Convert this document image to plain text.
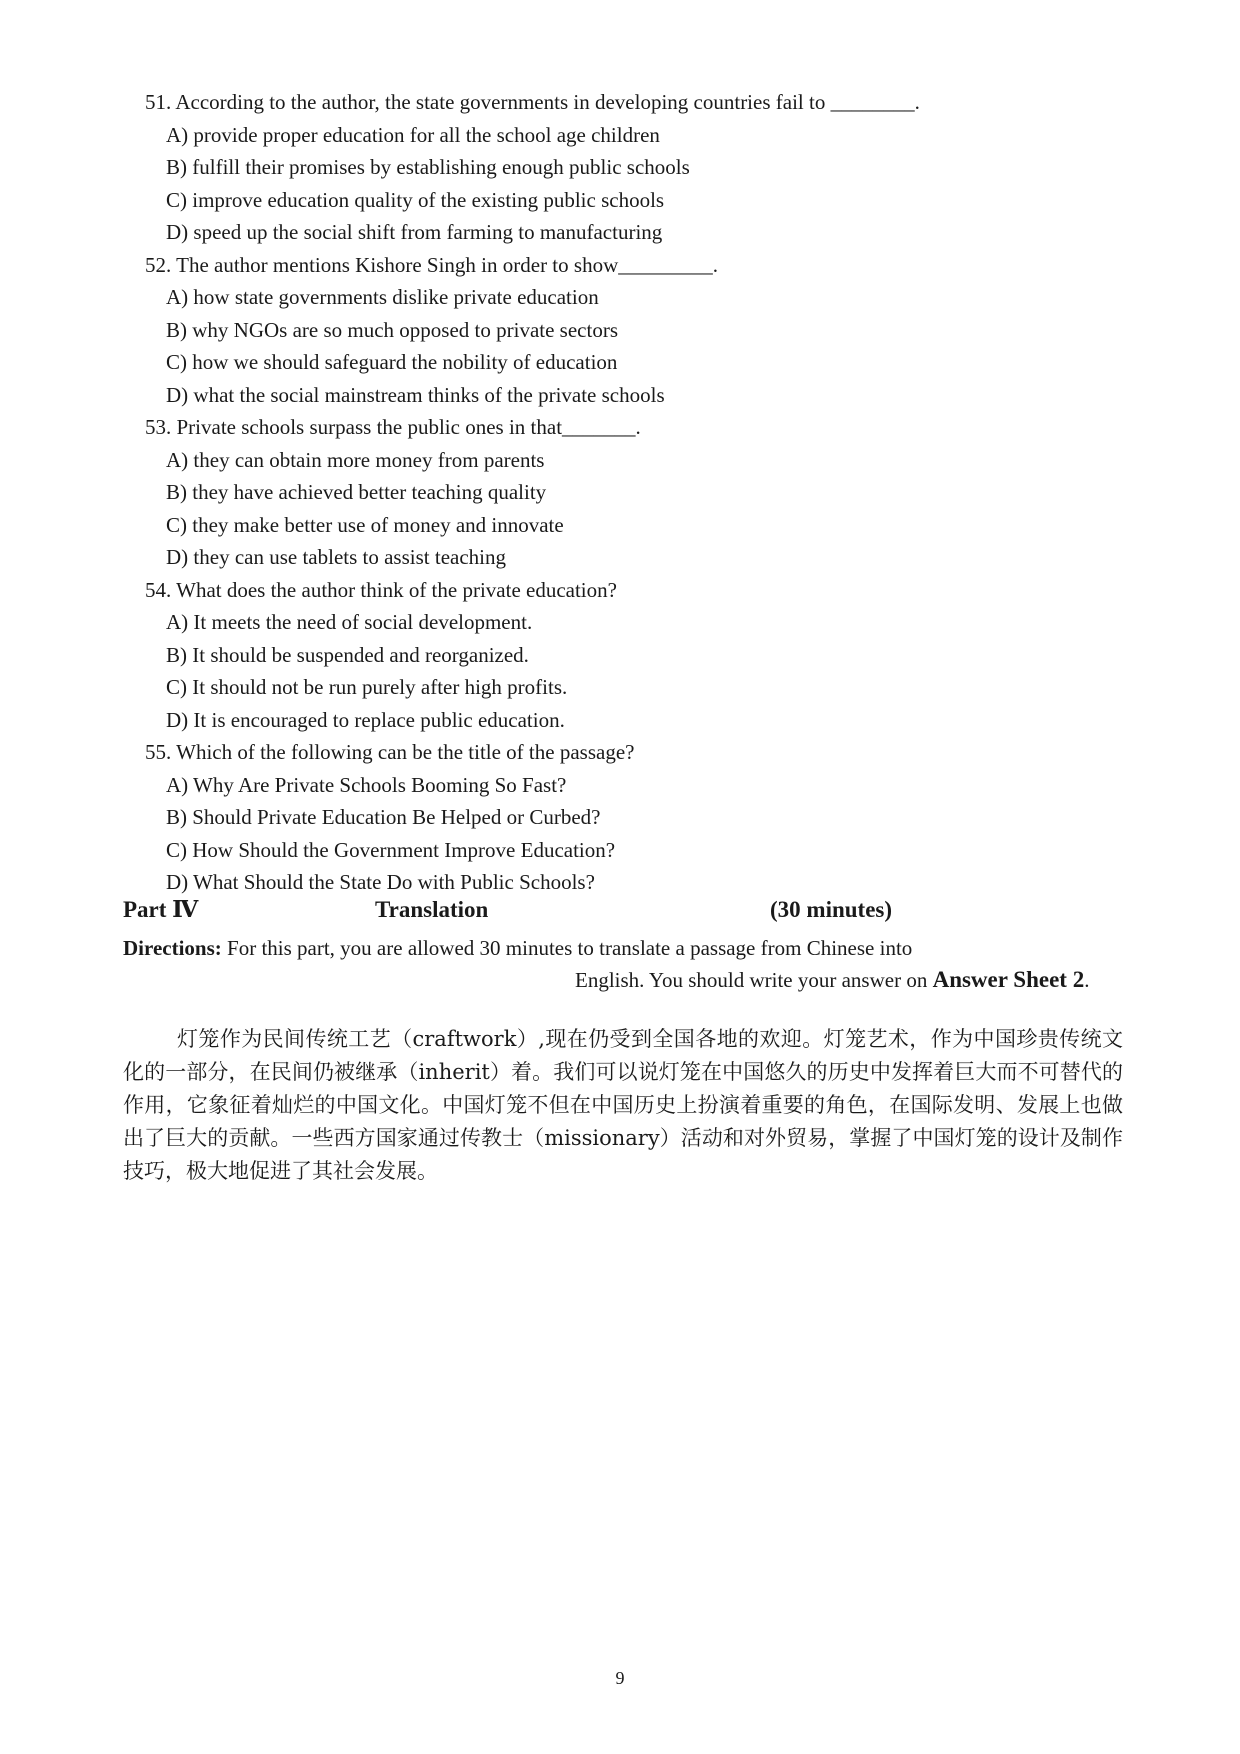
51. According to the author, the state governments in developing countries fail to ________.
A) provide proper education for all the school age children
B) fulfill their promises by establishing enough public schools
C) improve education quality of the existing public schools
D) speed up the social shift from farming to manufacturing
52. The author mentions Kishore Singh in order to show_________.
A) how state governments dislike private education
B) why NGOs are so much opposed to private sectors
C) how we should safeguard the nobility of education
D) what the social mainstream thinks of the private schools
53. Private schools surpass the public ones in that_______.
A) they can obtain more money from parents
B) they have achieved better teaching quality
C) they make better use of money and innovate
D) they can use tablets to assist teaching
54. What does the author think of the private education?
A) It meets the need of social development.
B) It should be suspended and reorganized.
C) It should not be run purely after high profits.
D) It is encouraged to replace public education.
55. Which of the following can be the title of the passage?
A) Why Are Private Schools Booming So Fast?
B) Should Private Education Be Helped or Curbed?
C) How Should the Government Improve Education?
D) What Should the State Do with Public Schools?
Part Ⅳ	Translation	(30 minutes)
Directions: For this part, you are allowed 30 minutes to translate a passage from Chinese into
English. You should write your answer on Answer Sheet 2.
灯笼作为民间传统工艺（craftwork）,现在仍受到全国各地的欢迎。灯笼艺术，作为中国珍贵传统文化的一部分，在民间仍被继承（inherit）着。我们可以说灯笼在中国悠久的历史中发挥着巨大而不可替代的作用，它象征着灿烂的中国文化。中国灯笼不但在中国历史上扮演着重要的角色，在国际发明、发展上也做出了巨大的贡献。一些西方国家通过传教士（missionary）活动和对外贸易，掌握了中国灯笼的设计及制作技巧，极大地促进了其社会发展。
9
